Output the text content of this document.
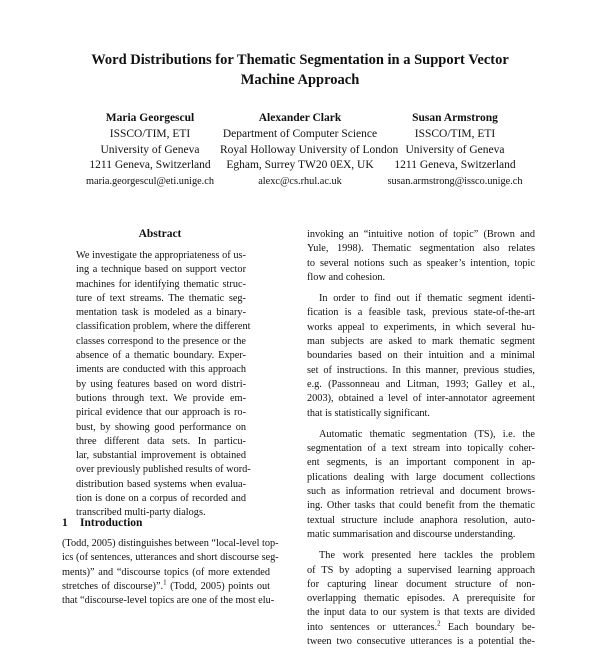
Word Distributions for Thematic Segmentation in a Support Vector
Machine Approach
Maria Georgescul
ISSCO/TIM, ETI
University of Geneva
1211 Geneva, Switzerland
maria.georgescul@eti.unige.ch
Alexander Clark
Department of Computer Science
Royal Holloway University of London
Egham, Surrey TW20 0EX, UK
alexc@cs.rhul.ac.uk
Susan Armstrong
ISSCO/TIM, ETI
University of Geneva
1211 Geneva, Switzerland
susan.armstrong@issco.unige.ch
Abstract
We investigate the appropriateness of us-
ing a technique based on support vector
machines for identifying thematic struc-
ture of text streams. The thematic seg-
mentation task is modeled as a binary-
classification problem, where the different
classes correspond to the presence or the
absence of a thematic boundary. Exper-
iments are conducted with this approach
by using features based on word distri-
butions through text. We provide em-
pirical evidence that our approach is ro-
bust, by showing good performance on
three different data sets. In particu-
lar, substantial improvement is obtained
over previously published results of word-
distribution based systems when evalua-
tion is done on a corpus of recorded and
transcribed multi-party dialogs.
1 Introduction
(Todd, 2005) distinguishes between “local-level top-
ics (of sentences, utterances and short discourse seg-
ments)” and “discourse topics (of more extended
stretches of discourse)”.$^1$ (Todd, 2005) points out
that “discourse-level topics are one of the most elu-
invoking an “intuitive notion of topic” (Brown and
Yule, 1998). Thematic segmentation also relates
to several notions such as speaker’s intention, topic
flow and cohesion.
In order to find out if thematic segment identi-
fication is a feasible task, previous state-of-the-art
works appeal to experiments, in which several hu-
man subjects are asked to mark thematic segment
boundaries based on their intuition and a minimal
set of instructions. In this manner, previous studies,
e.g. (Passonneau and Litman, 1993; Galley et al.,
2003), obtained a level of inter-annotator agreement
that is statistically significant.
Automatic thematic segmentation (TS), i.e. the
segmentation of a text stream into topically coher-
ent segments, is an important component in ap-
plications dealing with large document collections
such as information retrieval and document brows-
ing. Other tasks that could benefit from the thematic
textual structure include anaphora resolution, auto-
matic summarisation and discourse understanding.
The work presented here tackles the problem
of TS by adopting a supervised learning approach
for capturing linear document structure of non-
overlapping thematic episodes. A prerequisite for
the input data to our system is that texts are divided
into sentences or utterances.$^2$ Each boundary be-
tween two consecutive utterances is a potential the-
